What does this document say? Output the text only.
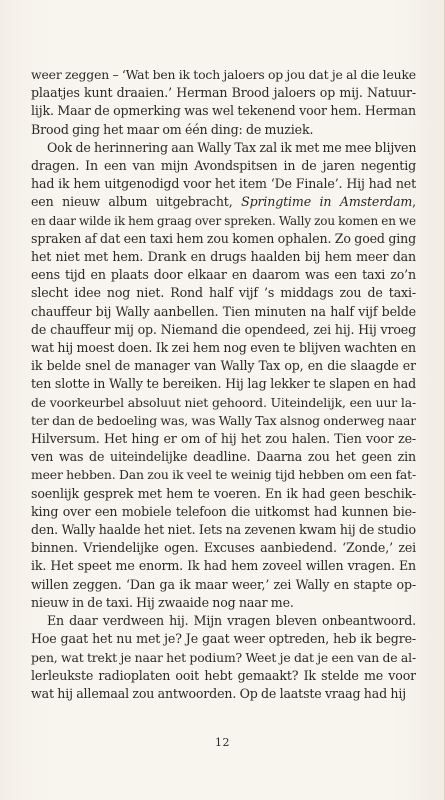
weer zeggen – ‘Wat ben ik toch jaloers op jou dat je al die leuke
plaatjes kunt draaien.’ Herman Brood jaloers op mij. Natuur-
lijk. Maar de opmerking was wel tekenend voor hem. Herman
Brood ging het maar om één ding: de muziek.
Ook de herinnering aan Wally Tax zal ik met me mee blijven
dragen. In een van mijn Avondspitsen in de jaren negentig
had ik hem uitgenodigd voor het item ‘De Finale’. Hij had net
een nieuw album uitgebracht, Springtime in Amsterdam,
en daar wilde ik hem graag over spreken. Wally zou komen en we
spraken af dat een taxi hem zou komen ophalen. Zo goed ging
het niet met hem. Drank en drugs haalden bij hem meer dan
eens tijd en plaats door elkaar en daarom was een taxi zo’n
slecht idee nog niet. Rond half vijf ’s middags zou de taxi-
chauffeur bij Wally aanbellen. Tien minuten na half vijf belde
de chauffeur mij op. Niemand die opendeed, zei hij. Hij vroeg
wat hij moest doen. Ik zei hem nog even te blijven wachten en
ik belde snel de manager van Wally Tax op, en die slaagde er
ten slotte in Wally te bereiken. Hij lag lekker te slapen en had
de voorkeurbel absoluut niet gehoord. Uiteindelijk, een uur la-
ter dan de bedoeling was, was Wally Tax alsnog onderweg naar
Hilversum. Het hing er om of hij het zou halen. Tien voor ze-
ven was de uiteindelijke deadline. Daarna zou het geen zin
meer hebben. Dan zou ik veel te weinig tijd hebben om een fat-
soenlijk gesprek met hem te voeren. En ik had geen beschik-
king over een mobiele telefoon die uitkomst had kunnen bie-
den. Wally haalde het niet. Iets na zevenen kwam hij de studio
binnen. Vriendelijke ogen. Excuses aanbiedend. ‘Zonde,’ zei
ik. Het speet me enorm. Ik had hem zoveel willen vragen. En
willen zeggen. ‘Dan ga ik maar weer,’ zei Wally en stapte op-
nieuw in de taxi. Hij zwaaide nog naar me.
En daar verdween hij. Mijn vragen bleven onbeantwoord.
Hoe gaat het nu met je? Je gaat weer optreden, heb ik begre-
pen, wat trekt je naar het podium? Weet je dat je een van de al-
lerleukste radioplaten ooit hebt gemaakt? Ik stelde me voor
wat hij allemaal zou antwoorden. Op de laatste vraag had hij
12
